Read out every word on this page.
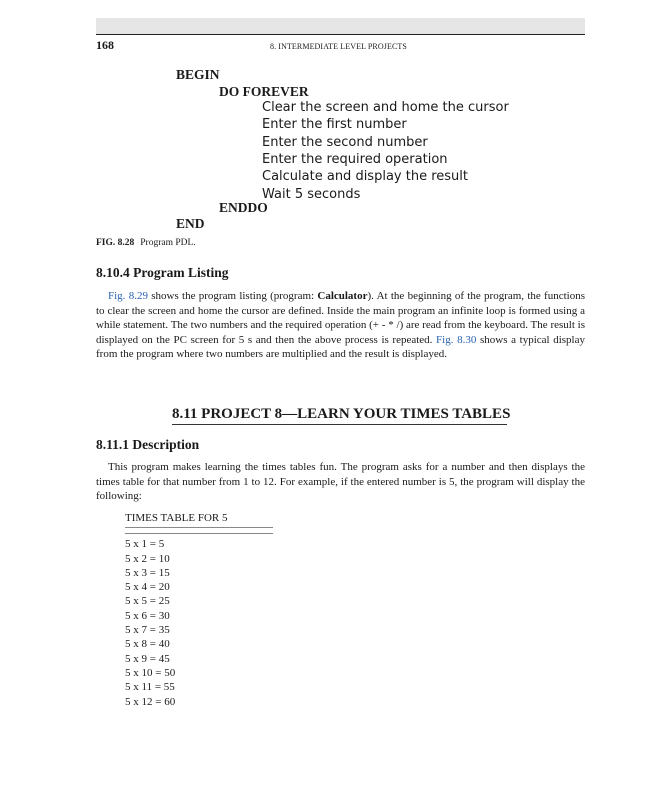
168	8. INTERMEDIATE LEVEL PROJECTS
BEGIN
DO FOREVER
Clear the screen and home the cursor
Enter the first number
Enter the second number
Enter the required operation
Calculate and display the result
Wait 5 seconds
ENDDO
END
FIG. 8.28 Program PDL.
8.10.4 Program Listing
Fig. 8.29 shows the program listing (program: Calculator). At the beginning of the program, the functions to clear the screen and home the cursor are defined. Inside the main program an infinite loop is formed using a while statement. The two numbers and the required operation (+ - * /) are read from the keyboard. The result is displayed on the PC screen for 5 s and then the above process is repeated. Fig. 8.30 shows a typical display from the program where two numbers are multiplied and the result is displayed.
8.11 PROJECT 8—LEARN YOUR TIMES TABLES
8.11.1 Description
This program makes learning the times tables fun. The program asks for a number and then displays the times table for that number from 1 to 12. For example, if the entered number is 5, the program will display the following:
TIMES TABLE FOR 5
5 x 1 = 5
5 x 2 = 10
5 x 3 = 15
5 x 4 = 20
5 x 5 = 25
5 x 6 = 30
5 x 7 = 35
5 x 8 = 40
5 x 9 = 45
5 x 10 = 50
5 x 11 = 55
5 x 12 = 60
